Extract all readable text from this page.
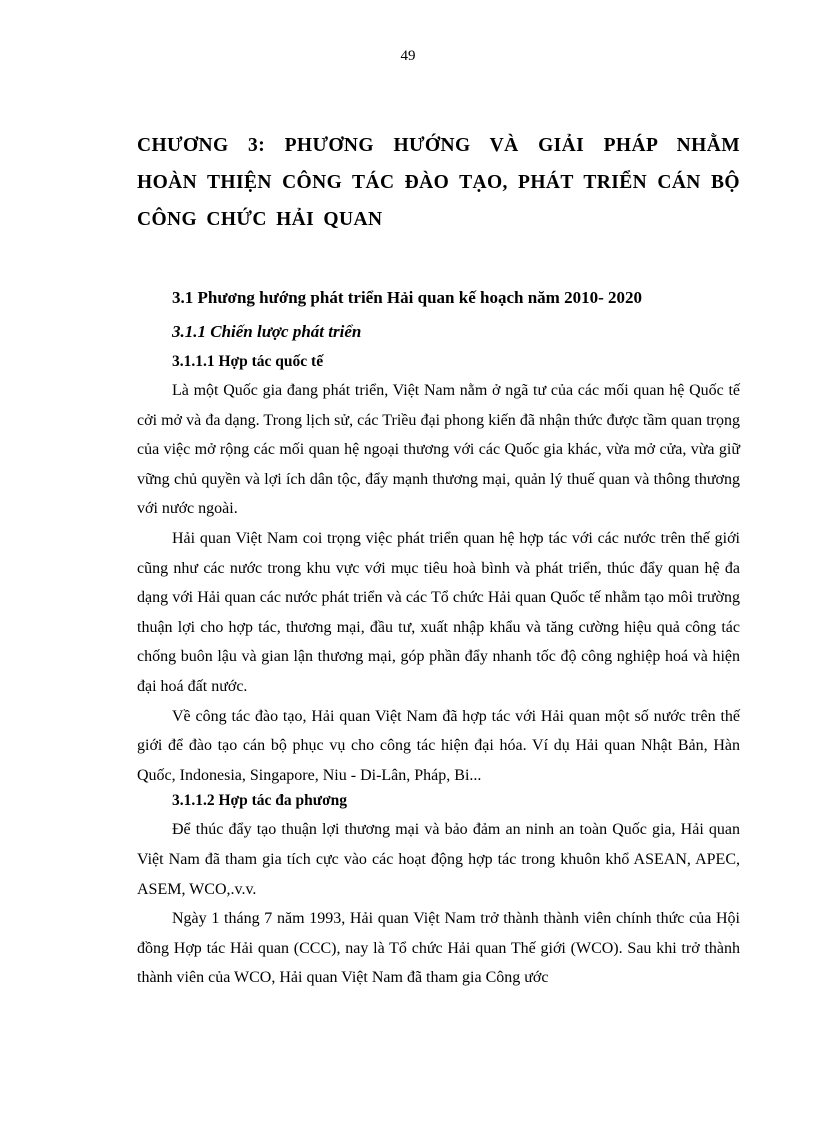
49
CHƯƠNG 3: PHƯƠNG HƯỚNG VÀ GIẢI PHÁP NHẰM
HOÀN THIỆN CÔNG TÁC ĐÀO TẠO, PHÁT TRIỂN CÁN BỘ
CÔNG CHỨC HẢI QUAN
3.1 Phương hướng phát triển Hải quan kế hoạch năm 2010- 2020
3.1.1 Chiến lược phát triển
3.1.1.1 Hợp tác quốc tế

Là một Quốc gia đang phát triển, Việt Nam nằm ở ngã tư của các mối quan hệ Quốc tế cởi mở và đa dạng. Trong lịch sử, các Triều đại phong kiến đã nhận thức được tầm quan trọng của việc mở rộng các mối quan hệ ngoại thương với các Quốc gia khác, vừa mở cửa, vừa giữ vững chủ quyền và lợi ích dân tộc, đẩy mạnh thương mại, quản lý thuế quan và thông thương với nước ngoài.

Hải quan Việt Nam coi trọng việc phát triển quan hệ hợp tác với các nước trên thế giới cũng như các nước trong khu vực với mục tiêu hoà bình và phát triển, thúc đẩy quan hệ đa dạng với Hải quan các nước phát triển và các Tổ chức Hải quan Quốc tế nhằm tạo môi trường thuận lợi cho hợp tác, thương mại, đầu tư, xuất nhập khẩu và tăng cường hiệu quả công tác chống buôn lậu và gian lận thương mại, góp phần đẩy nhanh tốc độ công nghiệp hoá và hiện đại hoá đất nước.

Về công tác đào tạo, Hải quan Việt Nam đã hợp tác với Hải quan một số nước trên thế giới để đào tạo cán bộ phục vụ cho công tác hiện đại hóa. Ví dụ Hải quan Nhật Bản, Hàn Quốc, Indonesia, Singapore, Niu - Di-Lân, Pháp, Bi...

3.1.1.2 Hợp tác đa phương

Để thúc đẩy tạo thuận lợi thương mại và bảo đảm an ninh an toàn Quốc gia, Hải quan Việt Nam đã tham gia tích cực vào các hoạt động hợp tác trong khuôn khổ ASEAN, APEC, ASEM, WCO,.v.v.

Ngày 1 tháng 7 năm 1993, Hải quan Việt Nam trở thành thành viên chính thức của Hội đồng Hợp tác Hải quan (CCC), nay là Tổ chức Hải quan Thế giới (WCO). Sau khi trở thành thành viên của WCO, Hải quan Việt Nam đã tham gia Công ước
